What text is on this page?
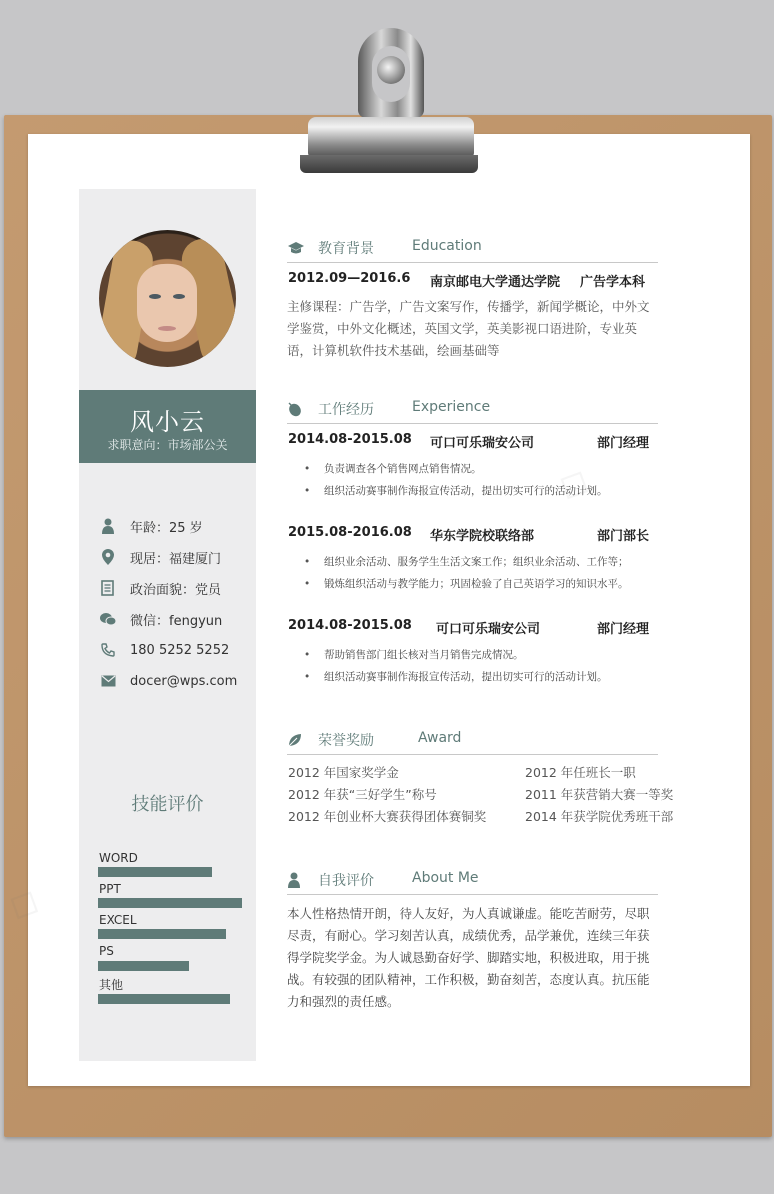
◇
◇
风小云
求职意向：市场部公关
年龄：25 岁
现居：福建厦门
政治面貌：党员
微信：fengyun
180 5252 5252
docer@wps.com
技能评价
WORD
PPT
EXCEL
PS
其他
教育背景	Education
2012.09—2016.6 南京邮电大学通达学院 广告学本科
主修课程：广告学，广告文案写作，传播学，新闻学概论，中外文学鉴赏，中外文化概述，英国文学，英美影视口语进阶，专业英语，计算机软件技术基础，绘画基础等
工作经历	Experience
2014.08-2015.08 可口可乐瑞安公司	部门经理
• 负责调查各个销售网点销售情况。
• 组织活动赛事制作海报宣传活动，提出切实可行的活动计划。
2015.08-2016.08 华东学院校联络部	部门部长
• 组织业余活动、服务学生生活文案工作；组织业余活动、工作等；
• 锻炼组织活动与教学能力；巩固检验了自己英语学习的知识水平。
2014.08-2015.08 可口可乐瑞安公司	部门经理
• 帮助销售部门组长核对当月销售完成情况。
• 组织活动赛事制作海报宣传活动，提出切实可行的活动计划。
荣誉奖励	Award
2012 年国家奖学金	2012 年任班长一职
2012 年获“三好学生”称号	2011 年获营销大赛一等奖
2012 年创业杯大赛获得团体赛铜奖	2014 年获学院优秀班干部
自我评价	About Me
本人性格热情开朗，待人友好，为人真诚谦虚。能吃苦耐劳，尽职尽责，有耐心。学习刻苦认真，成绩优秀，品学兼优，连续三年获得学院奖学金。为人诚恳勤奋好学、脚踏实地，积极进取，用于挑战。有较强的团队精神，工作积极，勤奋刻苦，态度认真。抗压能力和强烈的责任感。
